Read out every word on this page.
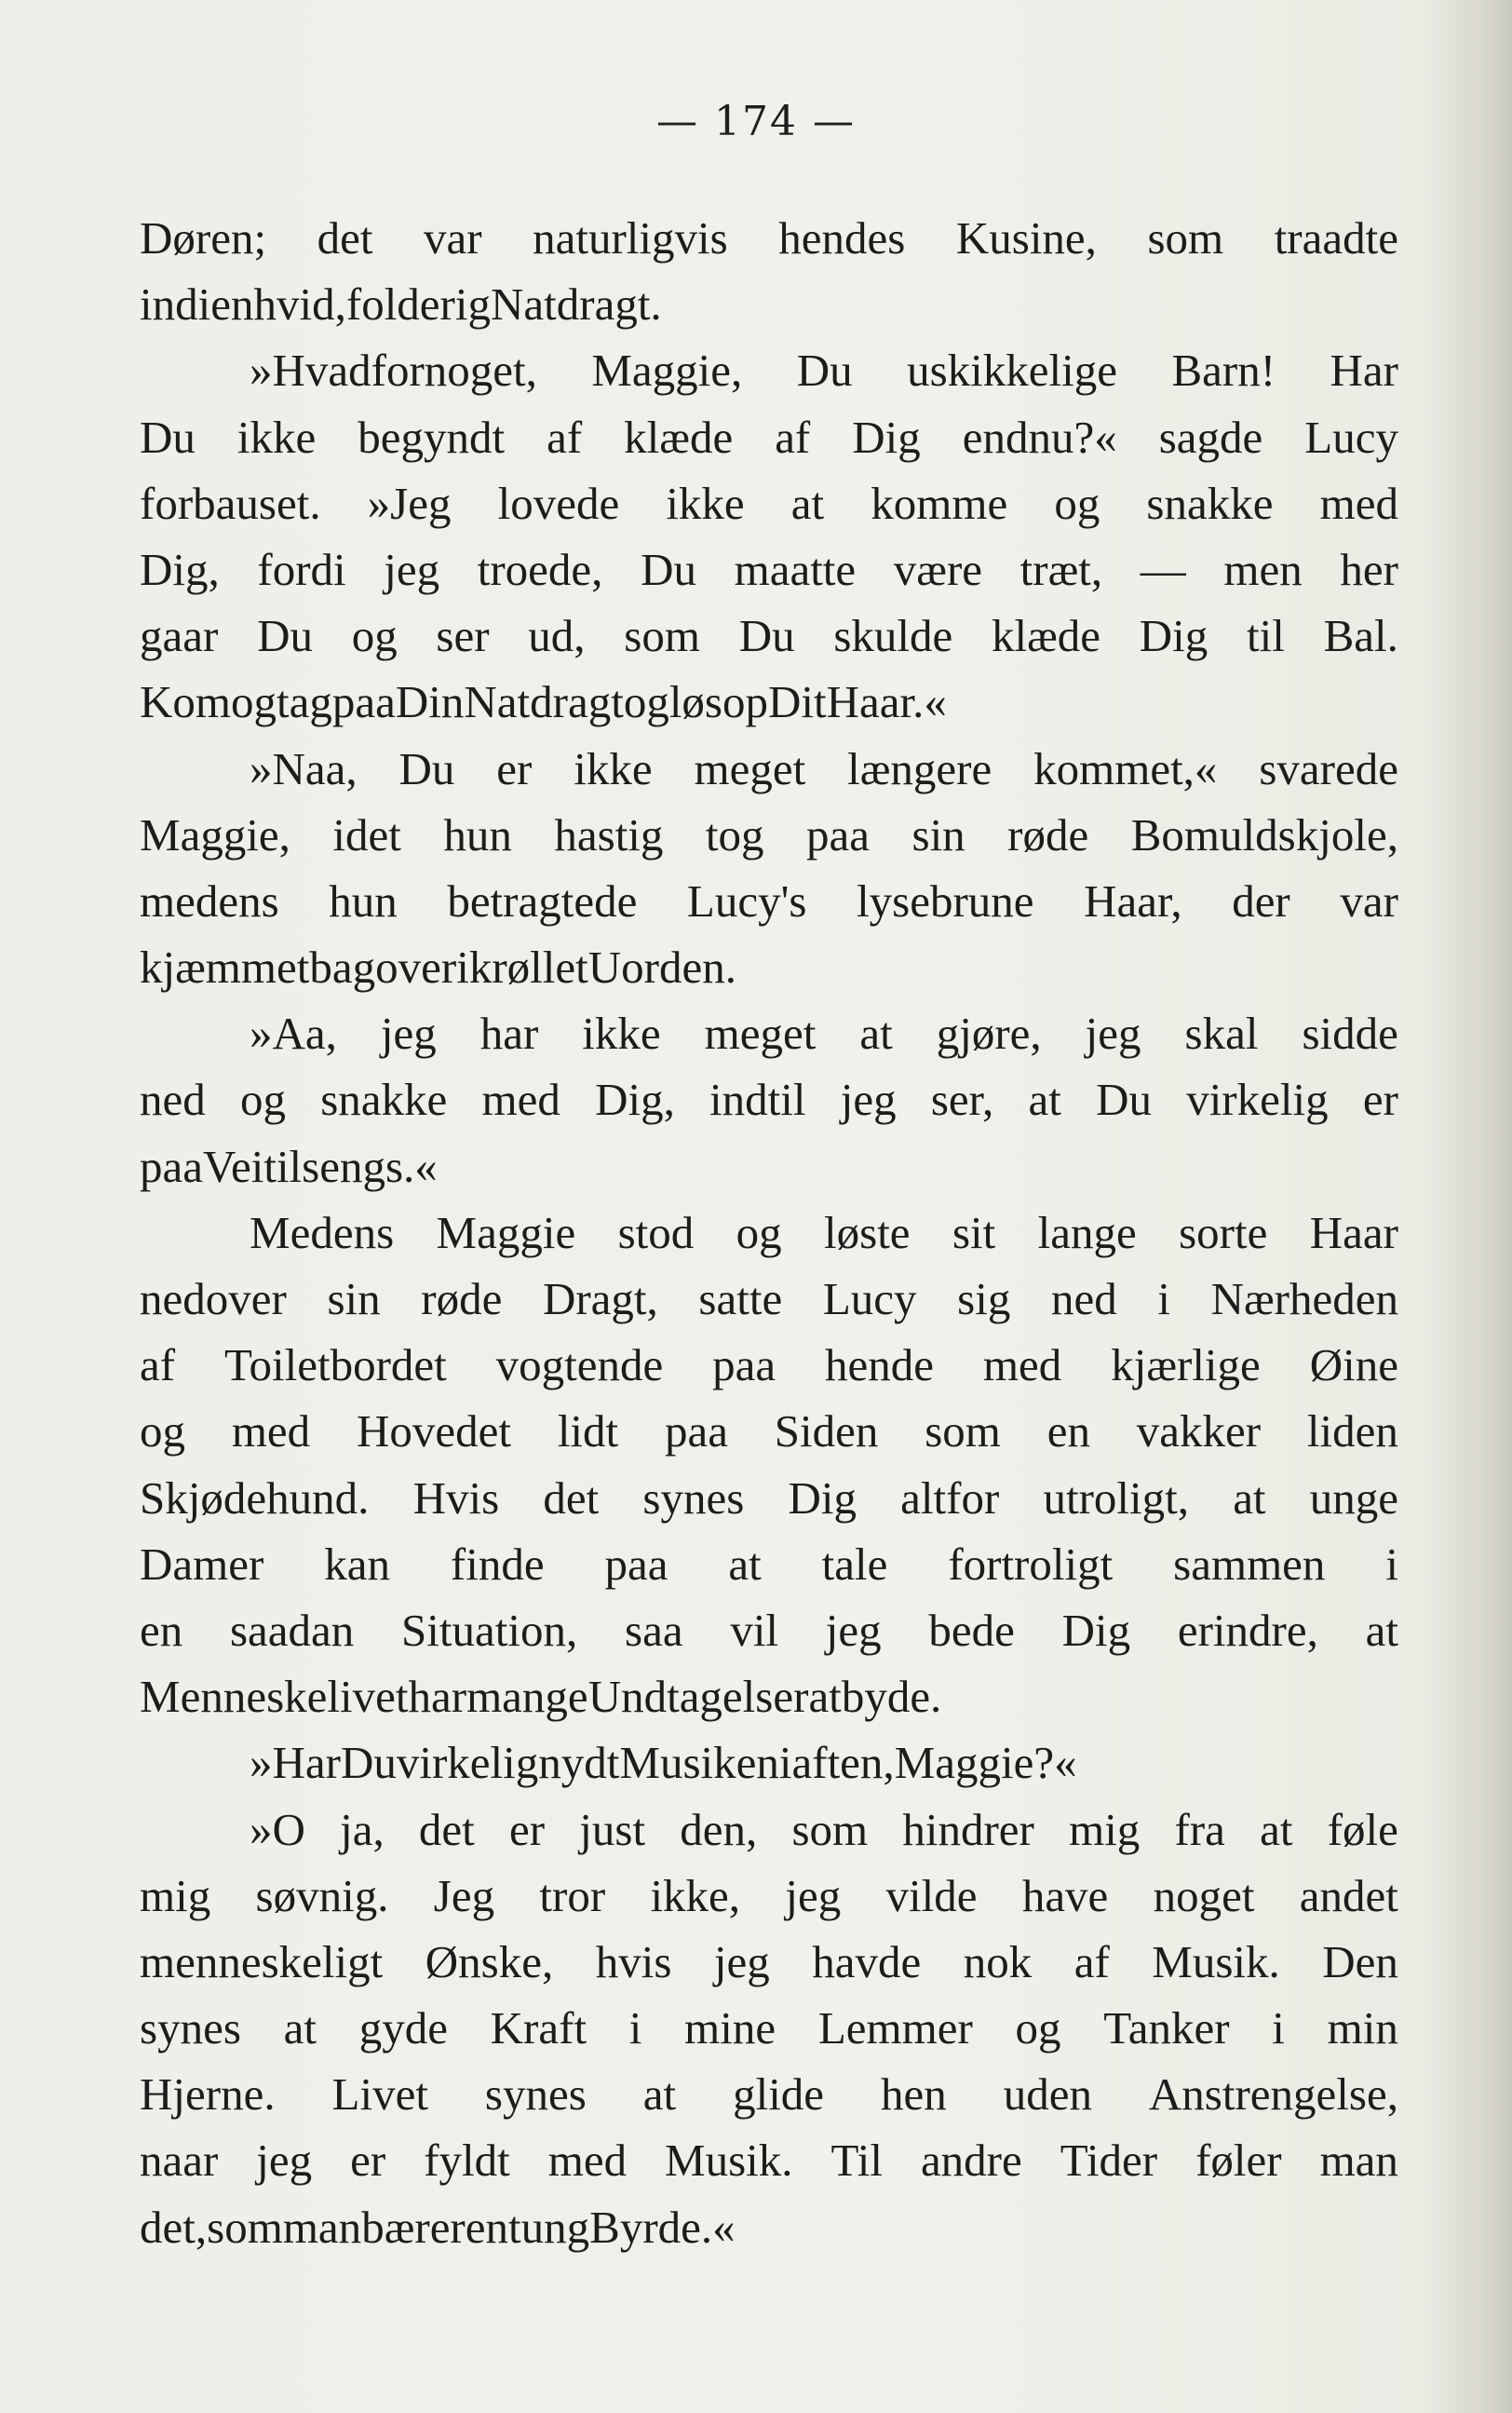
— 174 —
Døren; det var naturligvis hendes Kusine, som traadte
ind i en hvid, folderig Natdragt.
»Hvadfornoget, Maggie, Du uskikkelige Barn! Har
Du ikke begyndt af klæde af Dig endnu?« sagde Lucy
forbauset. »Jeg lovede ikke at komme og snakke med
Dig, fordi jeg troede, Du maatte være træt, — men her
gaar Du og ser ud, som Du skulde klæde Dig til Bal.
Kom og tag paa Din Natdragt og løs op Dit Haar.«
»Naa, Du er ikke meget længere kommet,« svarede
Maggie, idet hun hastig tog paa sin røde Bomuldskjole,
medens hun betragtede Lucy's lysebrune Haar, der var
kjæmmet bagover i krøllet Uorden.
»Aa, jeg har ikke meget at gjøre, jeg skal sidde
ned og snakke med Dig, indtil jeg ser, at Du virkelig er
paa Vei tilsengs.«
Medens Maggie stod og løste sit lange sorte Haar
nedover sin røde Dragt, satte Lucy sig ned i Nærheden
af Toiletbordet vogtende paa hende med kjærlige Øine
og med Hovedet lidt paa Siden som en vakker liden
Skjødehund. Hvis det synes Dig altfor utroligt, at unge
Damer kan finde paa at tale fortroligt sammen i
en saadan Situation, saa vil jeg bede Dig erindre, at
Menneskelivet har mange Undtagelser at byde.
»Har Du virkelig nydt Musiken iaften, Maggie?«
»O ja, det er just den, som hindrer mig fra at føle
mig søvnig. Jeg tror ikke, jeg vilde have noget andet
menneskeligt Ønske, hvis jeg havde nok af Musik. Den
synes at gyde Kraft i mine Lemmer og Tanker i min
Hjerne. Livet synes at glide hen uden Anstrengelse,
naar jeg er fyldt med Musik. Til andre Tider føler man
det, som man bærer en tung Byrde.«
